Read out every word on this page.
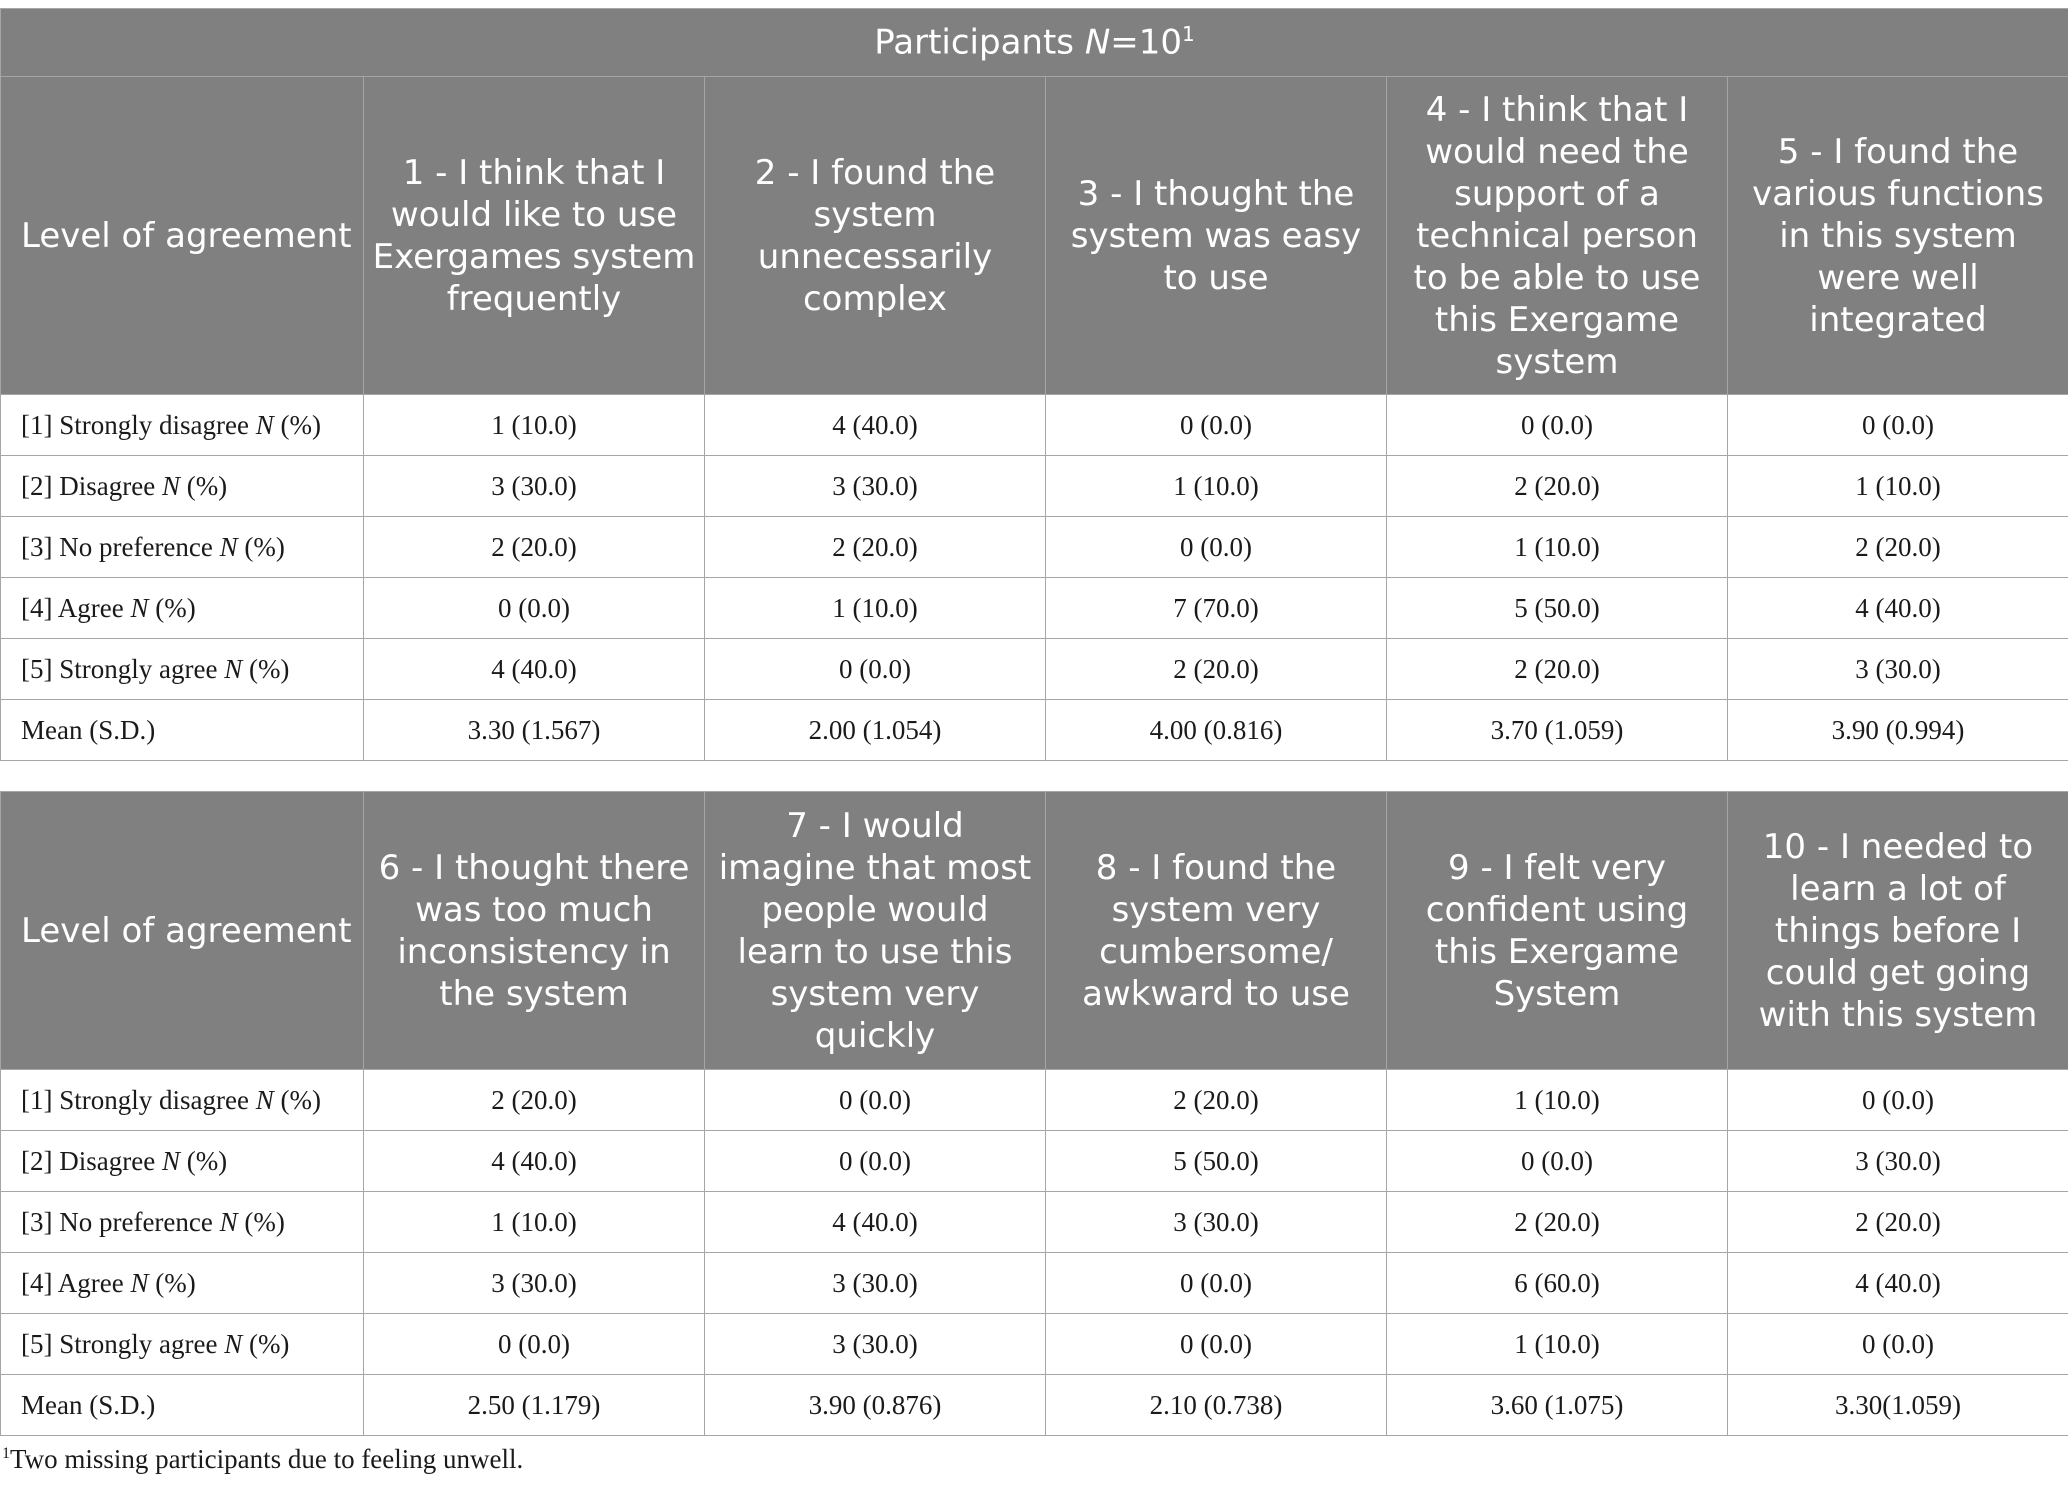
Participants $N=10^1$
Level of agreement	1 - I think that I would like to use Exergames system frequently	2 - I found the system unnecessarily complex	3 - I thought the system was easy to use	4 - I think that I would need the support of a technical person to be able to use this Exergame system	5 - I found the various functions in this system were well integrated
[1] Strongly disagree N (%)	1 (10.0)	4 (40.0)	0 (0.0)	0 (0.0)	0 (0.0)
[2] Disagree N (%)	3 (30.0)	3 (30.0)	1 (10.0)	2 (20.0)	1 (10.0)
[3] No preference N (%)	2 (20.0)	2 (20.0)	0 (0.0)	1 (10.0)	2 (20.0)
[4] Agree N (%)	0 (0.0)	1 (10.0)	7 (70.0)	5 (50.0)	4 (40.0)
[5] Strongly agree N (%)	4 (40.0)	0 (0.0)	2 (20.0)	2 (20.0)	3 (30.0)
Mean (S.D.)	3.30 (1.567)	2.00 (1.054)	4.00 (0.816)	3.70 (1.059)	3.90 (0.994)
Level of agreement	6 - I thought there was too much inconsistency in the system	7 - I would imagine that most people would learn to use this system very quickly	8 - I found the system very cumbersome/ awkward to use	9 - I felt very confident using this Exergame System	10 - I needed to learn a lot of things before I could get going with this system
[1] Strongly disagree N (%)	2 (20.0)	0 (0.0)	2 (20.0)	1 (10.0)	0 (0.0)
[2] Disagree N (%)	4 (40.0)	0 (0.0)	5 (50.0)	0 (0.0)	3 (30.0)
[3] No preference N (%)	1 (10.0)	4 (40.0)	3 (30.0)	2 (20.0)	2 (20.0)
[4] Agree N (%)	3 (30.0)	3 (30.0)	0 (0.0)	6 (60.0)	4 (40.0)
[5] Strongly agree N (%)	0 (0.0)	3 (30.0)	0 (0.0)	1 (10.0)	0 (0.0)
Mean (S.D.)	2.50 (1.179)	3.90 (0.876)	2.10 (0.738)	3.60 (1.075)	3.30(1.059)
$^1$Two missing participants due to feeling unwell.
